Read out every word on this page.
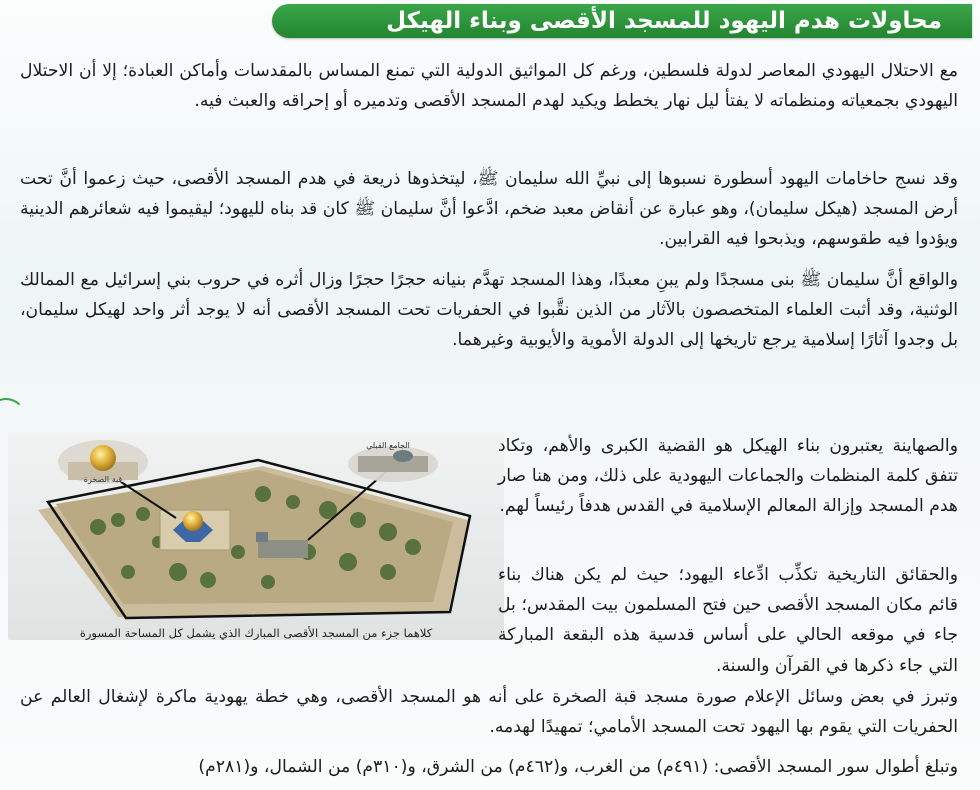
محاولات هدم اليهود للمسجد الأقصى وبناء الهيكل

مع الاحتلال اليهودي المعاصر لدولة فلسطين، ورغم كل المواثيق الدولية التي تمنع المساس بالمقدسات وأماكن العبادة؛ إلا أن الاحتلال اليهودي بجمعياته ومنظماته لا يفتأ ليل نهار يخطط ويكيد لهدم المسجد الأقصى وتدميره أو إحراقه والعبث فيه.

وقد نسج حاخامات اليهود أسطورة نسبوها إلى نبيِّ الله سليمان ﷺ، ليتخذوها ذريعة في هدم المسجد الأقصى، حيث زعموا أنَّ تحت أرض المسجد (هيكل سليمان)، وهو عبارة عن أنقاض معبد ضخم، ادَّعوا أنَّ سليمان ﷺ كان قد بناه لليهود؛ ليقيموا فيه شعائرهم الدينية ويؤدوا فيه طقوسهم، ويذبحوا فيه القرابين.

والواقع أنَّ سليمان ﷺ بنى مسجدًا ولم يبنِ معبدًا، وهذا المسجد تهدَّم بنيانه حجرًا حجرًا وزال أثره في حروب بني إسرائيل مع الممالك الوثنية، وقد أثبت العلماء المتخصصون بالآثار من الذين نقَّبوا في الحفريات تحت المسجد الأقصى أنه لا يوجد أثر واحد لهيكل سليمان، بل وجدوا آثارًا إسلامية يرجع تاريخها إلى الدولة الأموية والأيوبية وغيرهما.

قبة الصخرة
الجامع القبلي
كلاهما جزء من المسجد الأقصى المبارك الذي يشمل كل المساحة المسورة

والصهاينة يعتبرون بناء الهيكل هو القضية الكبرى والأهم، وتكاد تتفق كلمة المنظمات والجماعات اليهودية على ذلك، ومن هنا صار هدم المسجد وإزالة المعالم الإسلامية في القدس هدفاً رئيساً لهم.

والحقائق التاريخية تكذِّب ادِّعاء اليهود؛ حيث لم يكن هناك بناء قائم مكان المسجد الأقصى حين فتح المسلمون بيت المقدس؛ بل جاء في موقعه الحالي على أساس قدسية هذه البقعة المباركة التي جاء ذكرها في القرآن والسنة.

وتبرز في بعض وسائل الإعلام صورة مسجد قبة الصخرة على أنه هو المسجد الأقصى، وهي خطة يهودية ماكرة لإشغال العالم عن الحفريات التي يقوم بها اليهود تحت المسجد الأمامي؛ تمهيدًا لهدمه.

وتبلغ أطوال سور المسجد الأقصى: (٤٩١م) من الغرب، و(٤٦٢م) من الشرق، و(٣١٠م) من الشمال، و(٢٨١م)
